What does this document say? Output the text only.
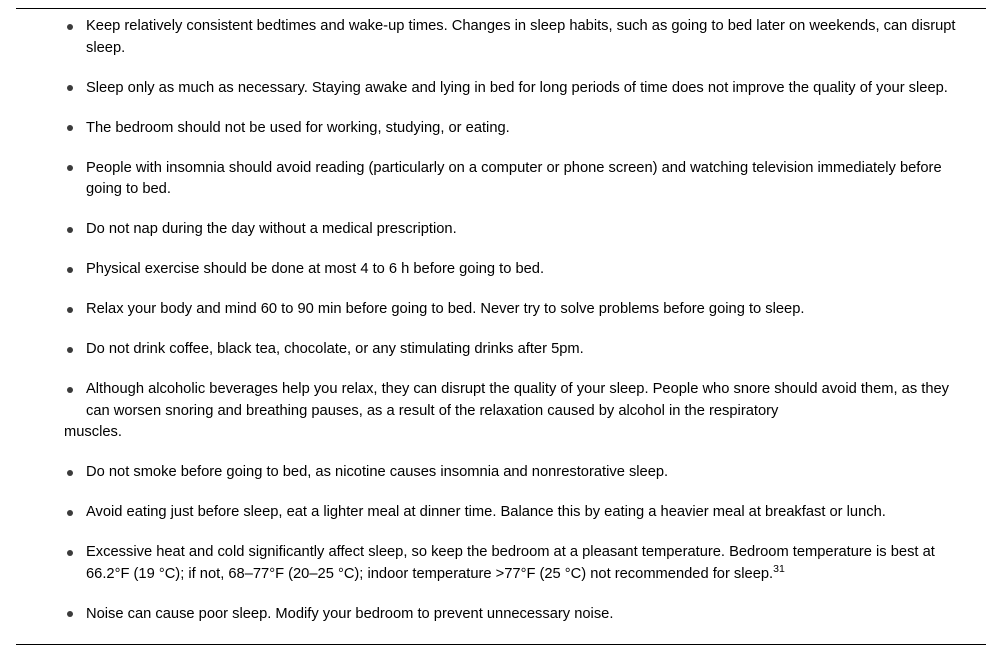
Keep relatively consistent bedtimes and wake-up times. Changes in sleep habits, such as going to bed later on weekends, can disrupt sleep.
Sleep only as much as necessary. Staying awake and lying in bed for long periods of time does not improve the quality of your sleep.
The bedroom should not be used for working, studying, or eating.
People with insomnia should avoid reading (particularly on a computer or phone screen) and watching television immediately before going to bed.
Do not nap during the day without a medical prescription.
Physical exercise should be done at most 4 to 6 h before going to bed.
Relax your body and mind 60 to 90 min before going to bed. Never try to solve problems before going to sleep.
Do not drink coffee, black tea, chocolate, or any stimulating drinks after 5pm.
Although alcoholic beverages help you relax, they can disrupt the quality of your sleep. People who snore should avoid them, as they can worsen snoring and breathing pauses, as a result of the relaxation caused by alcohol in the respiratory
muscles.
Do not smoke before going to bed, as nicotine causes insomnia and nonrestorative sleep.
Avoid eating just before sleep, eat a lighter meal at dinner time. Balance this by eating a heavier meal at breakfast or lunch.
Excessive heat and cold significantly affect sleep, so keep the bedroom at a pleasant temperature. Bedroom temperature is best at 66.2°F (19 °C); if not, 68–77°F (20–25 °C); indoor temperature >77°F (25 °C) not recommended for sleep.$^{31}$
Noise can cause poor sleep. Modify your bedroom to prevent unnecessary noise.
